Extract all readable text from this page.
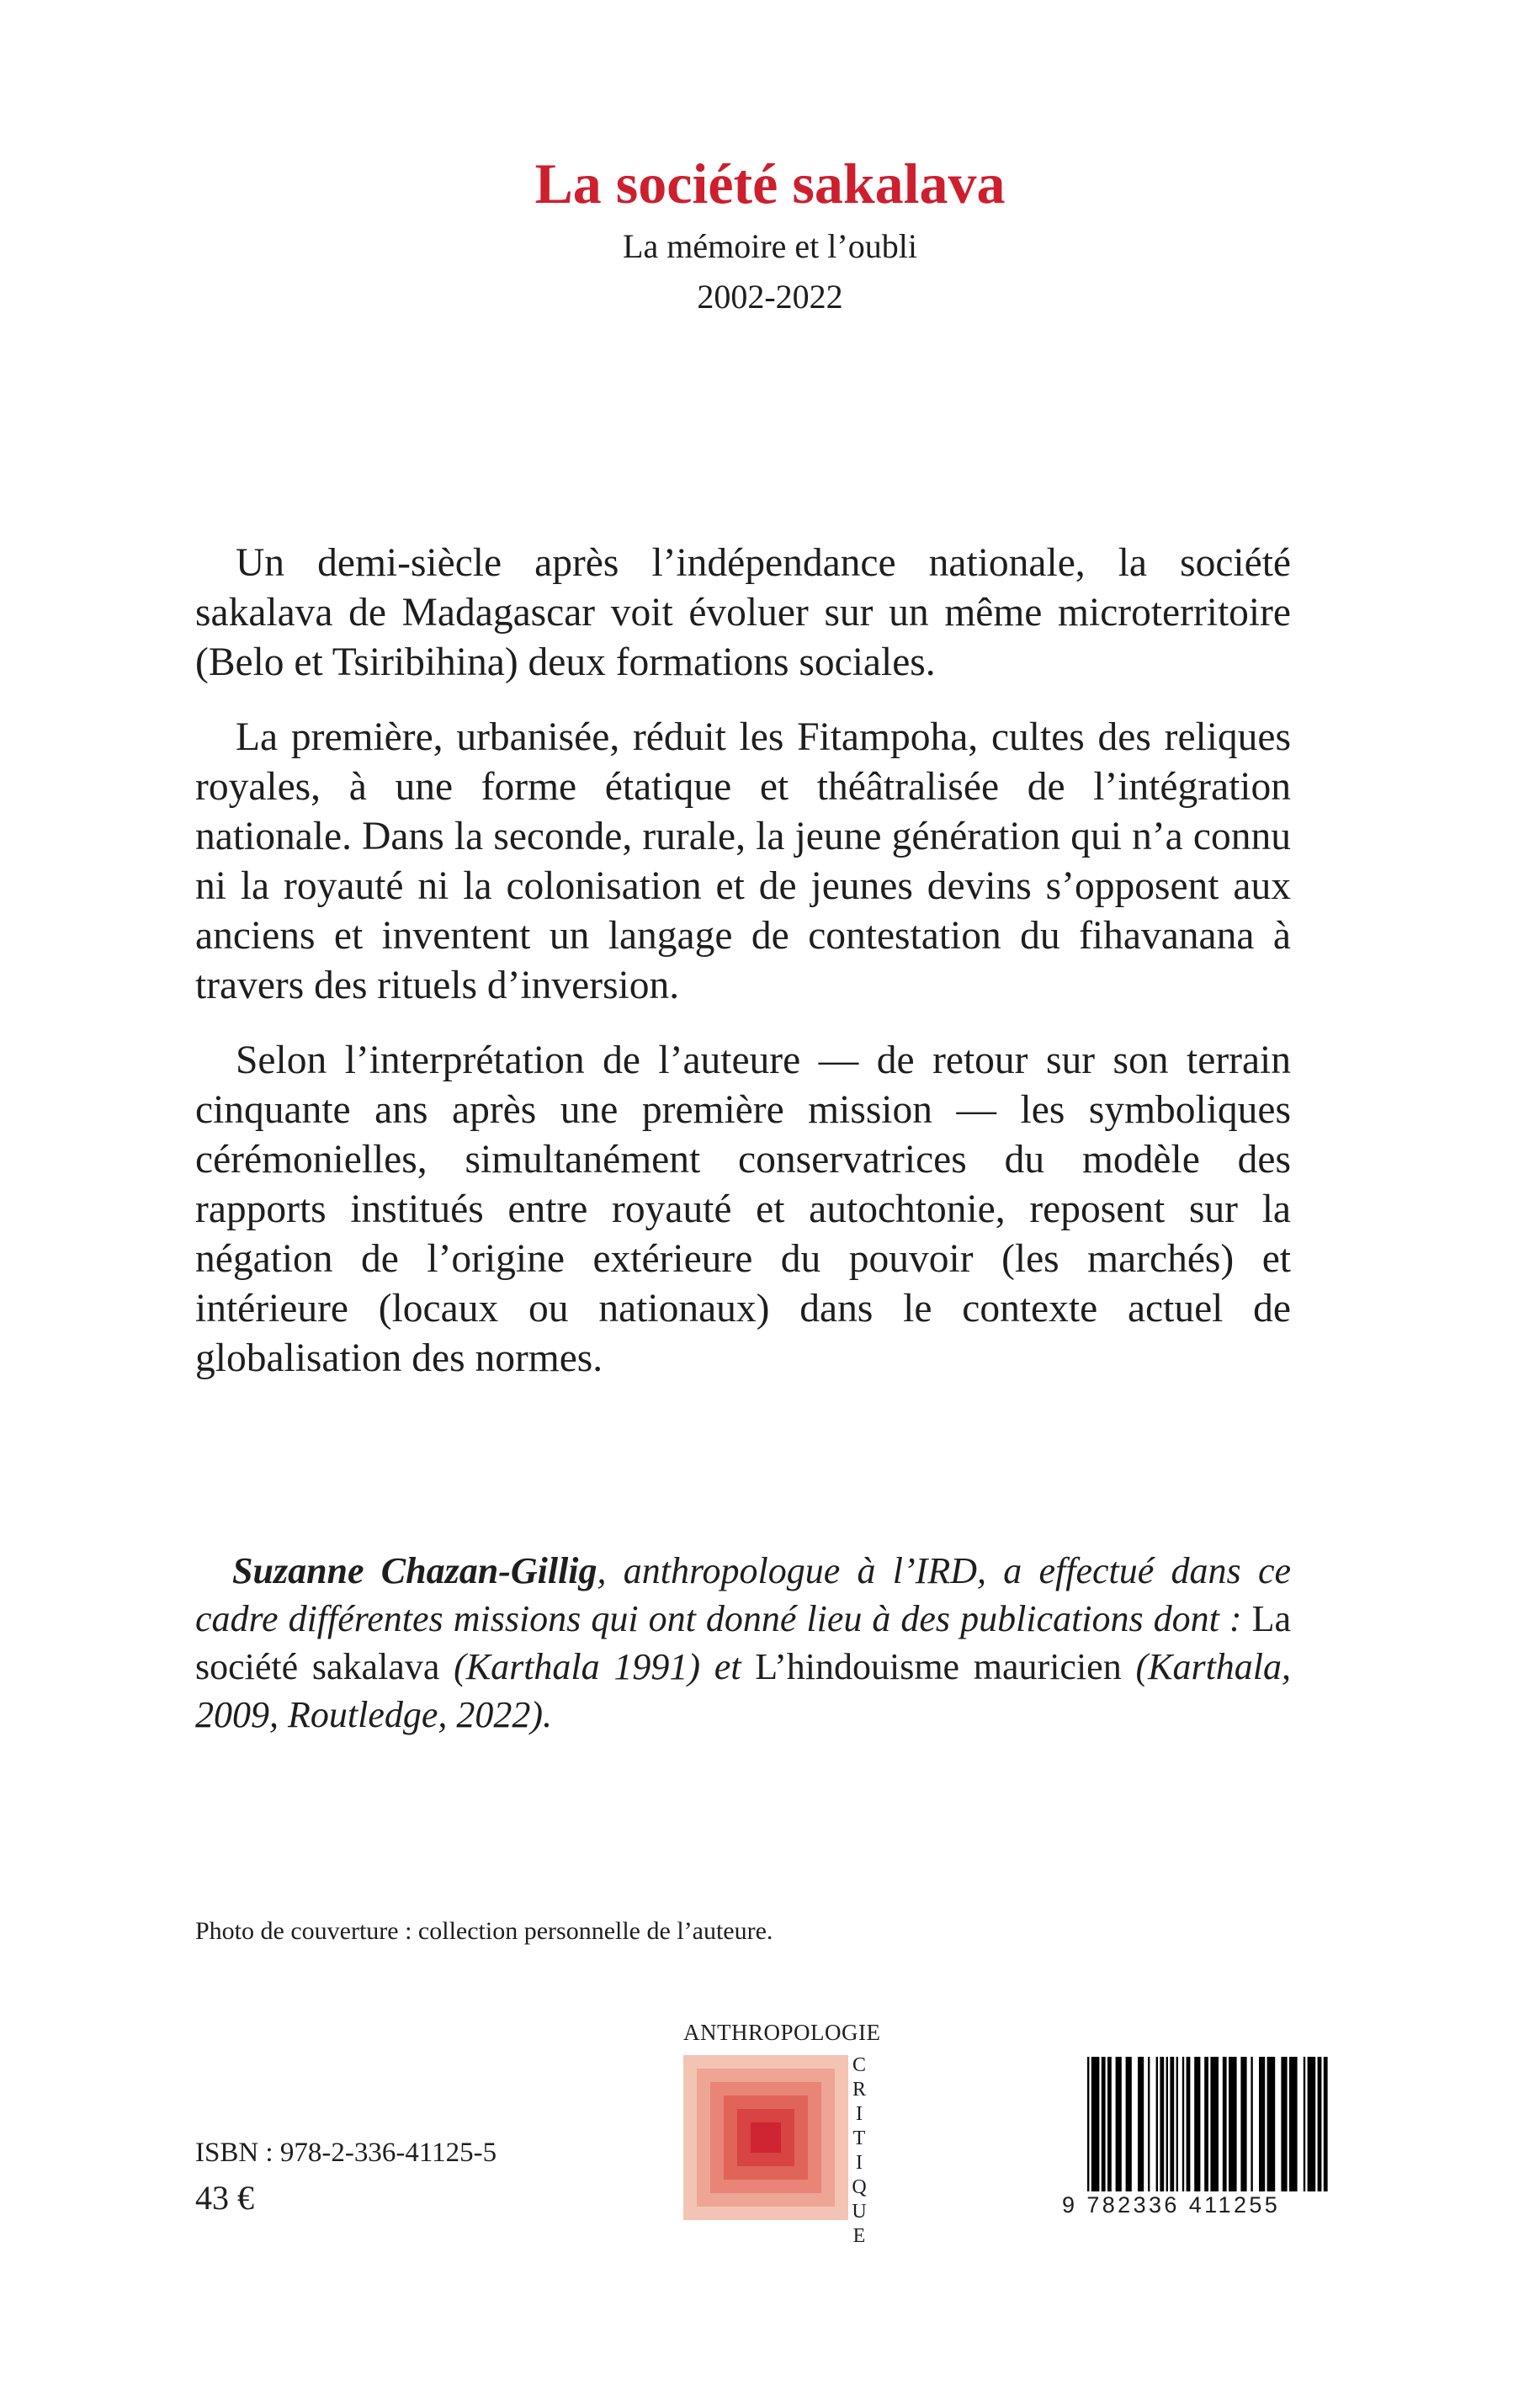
La société sakalava
La mémoire et l’oubli
2002-2022

Un demi-siècle après l’indépendance nationale, la société sakalava de Madagascar voit évoluer sur un même microterritoire (Belo et Tsiribihina) deux formations sociales.

La première, urbanisée, réduit les Fitampoha, cultes des reliques royales, à une forme étatique et théâtralisée de l’intégration nationale. Dans la seconde, rurale, la jeune génération qui n’a connu ni la royauté ni la colonisation et de jeunes devins s’opposent aux anciens et inventent un langage de contestation du fihavanana à travers des rituels d’inversion.

Selon l’interprétation de l’auteure — de retour sur son terrain cinquante ans après une première mission — les symboliques cérémonielles, simultanément conservatrices du modèle des rapports institués entre royauté et autochtonie, reposent sur la négation de l’origine extérieure du pouvoir (les marchés) et intérieure (locaux ou nationaux) dans le contexte actuel de globalisation des normes.

Suzanne Chazan-Gillig, anthropologue à l’IRD, a effectué dans ce cadre différentes missions qui ont donné lieu à des publications dont : La société sakalava (Karthala 1991) et L’hindouisme mauricien (Karthala, 2009, Routledge, 2022).
Photo de couverture : collection personnelle de l’auteure.
ISBN : 978-2-336-41125-5
43 €
ANTHROPOLOGIE
C
R
I
T
I
Q
U
E
9 782336 411255
